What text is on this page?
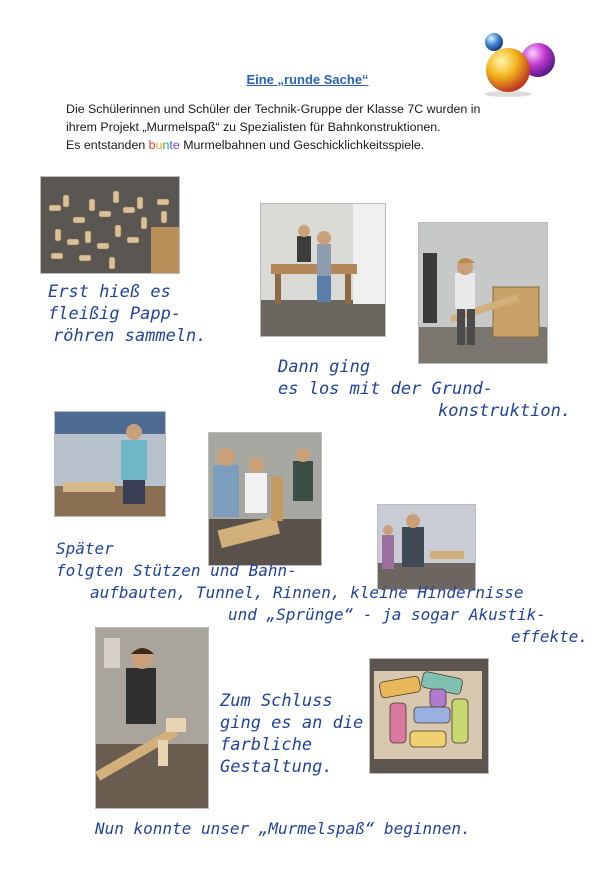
Eine „runde Sache“
Die Schülerinnen und Schüler der Technik-Gruppe der Klasse 7C wurden in
ihrem Projekt „Murmelspaß“ zu Spezialisten für Bahnkonstruktionen.
Es entstanden bunte Murmelbahnen und Geschicklichkeitsspiele.
Erst hieß es
fleißig Papp-
röhren sammeln.
Dann ging
es los mit der Grund-
konstruktion.
Später
folgten Stützen und Bahn-
aufbauten, Tunnel, Rinnen, kleine Hindernisse
und „Sprünge“ - ja sogar Akustik-
effekte.
Zum Schluss
ging es an die
farbliche
Gestaltung.
Nun konnte unser „Murmelspaß“ beginnen.
